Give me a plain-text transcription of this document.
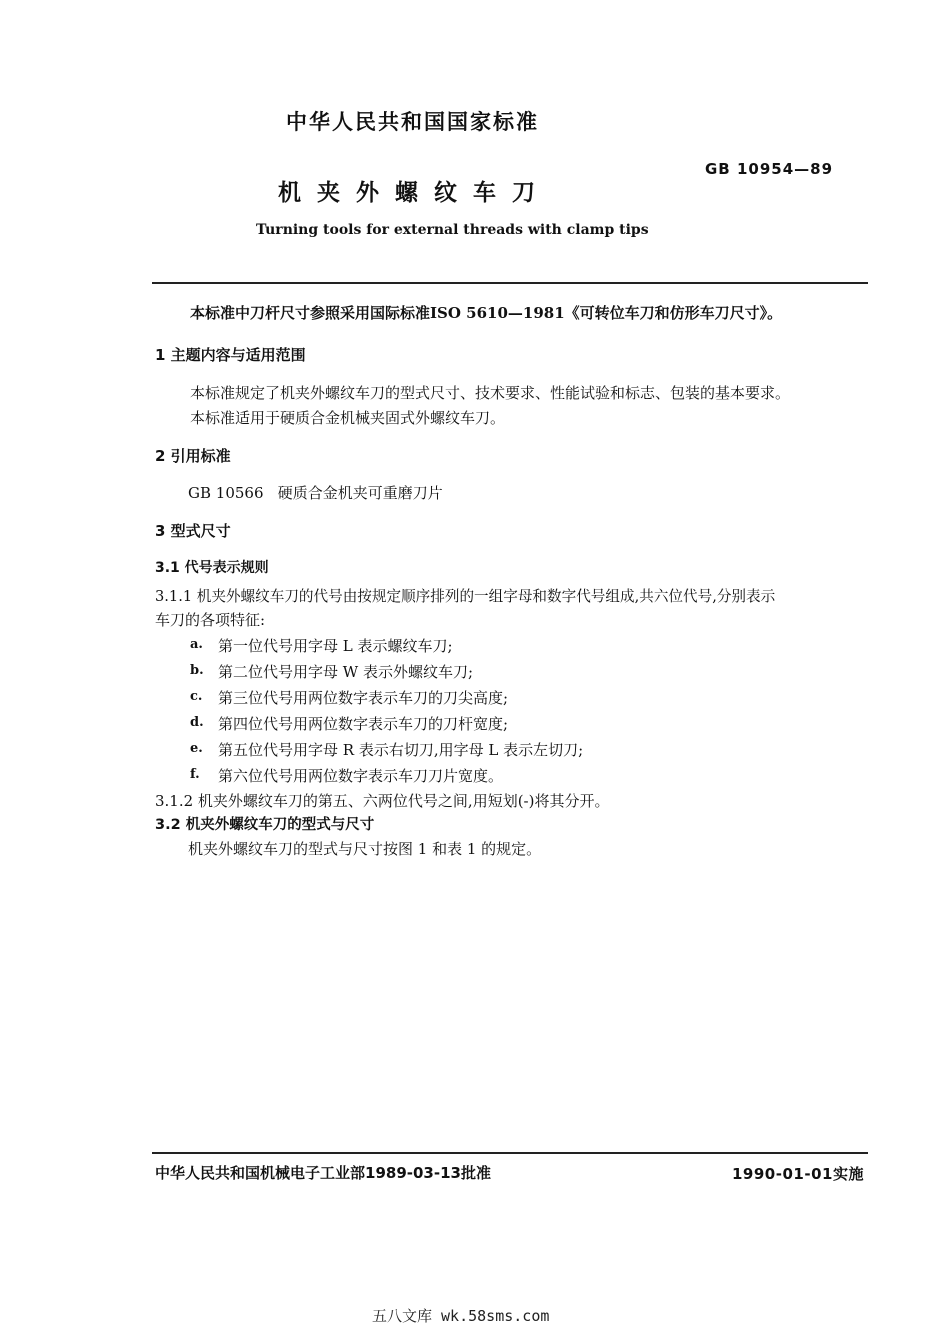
中华人民共和国国家标准
GB 10954—89
机 夹 外 螺 纹 车 刀
Turning tools for external threads with clamp tips
本标准中刀杆尺寸参照采用国际标准ISO 5610—1981《可转位车刀和仿形车刀尺寸》。
1 主题内容与适用范围
本标准规定了机夹外螺纹车刀的型式尺寸、技术要求、性能试验和标志、包装的基本要求。
本标准适用于硬质合金机械夹固式外螺纹车刀。
2 引用标准
GB 10566   硬质合金机夹可重磨刀片
3 型式尺寸
3.1 代号表示规则
3.1.1 机夹外螺纹车刀的代号由按规定顺序排列的一组字母和数字代号组成,共六位代号,分别表示
车刀的各项特征:
a. 第一位代号用字母 L 表示螺纹车刀;
b. 第二位代号用字母 W 表示外螺纹车刀;
c. 第三位代号用两位数字表示车刀的刀尖高度;
d. 第四位代号用两位数字表示车刀的刀杆宽度;
e. 第五位代号用字母 R 表示右切刀,用字母 L 表示左切刀;
f. 第六位代号用两位数字表示车刀刀片宽度。
3.1.2 机夹外螺纹车刀的第五、六两位代号之间,用短划(-)将其分开。
3.2 机夹外螺纹车刀的型式与尺寸
机夹外螺纹车刀的型式与尺寸按图 1 和表 1 的规定。
中华人民共和国机械电子工业部1989-03-13批准	1990-01-01实施
五八文库 wk.58sms.com
